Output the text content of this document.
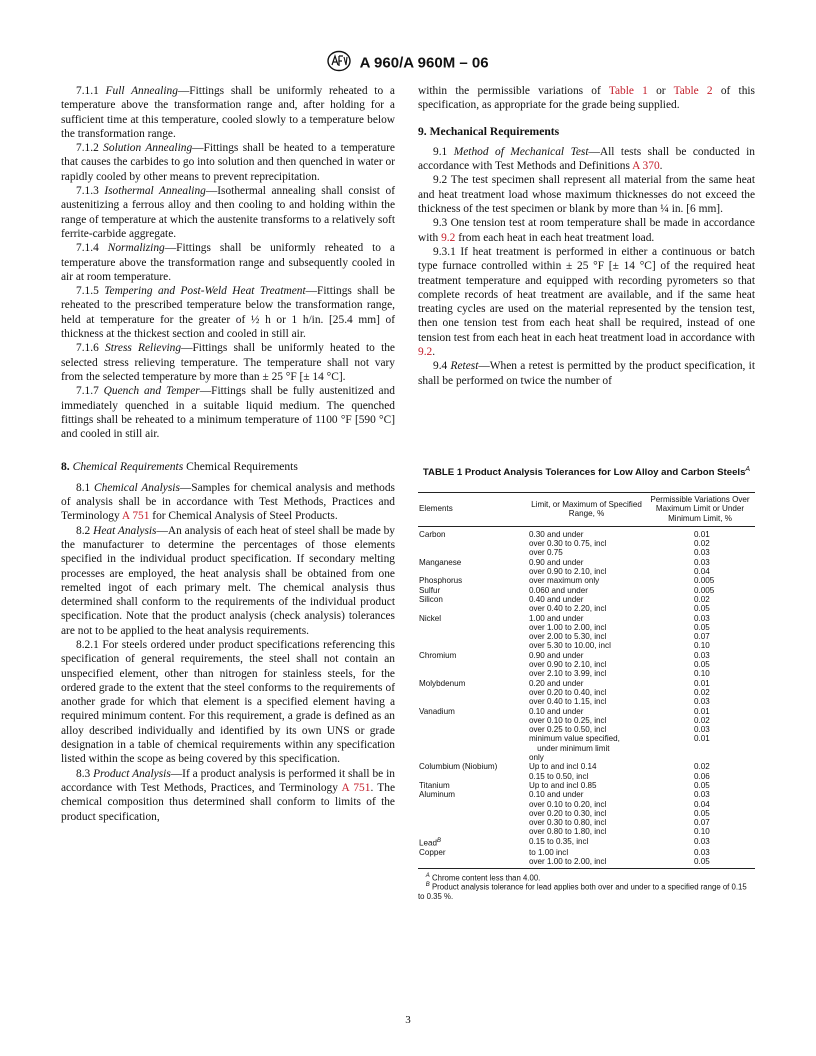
A 960/A 960M – 06

7.1.1 Full Annealing—Fittings shall be uniformly reheated to a temperature above the transformation range and, after holding for a sufficient time at this temperature, cooled slowly to a temperature below the transformation range.

7.1.2 Solution Annealing—Fittings shall be heated to a temperature that causes the carbides to go into solution and then quenched in water or rapidly cooled by other means to prevent reprecipitation.

7.1.3 Isothermal Annealing—Isothermal annealing shall consist of austenitizing a ferrous alloy and then cooling to and holding within the range of temperature at which the austenite transforms to a relatively soft ferrite-carbide aggregate.

7.1.4 Normalizing—Fittings shall be uniformly reheated to a temperature above the transformation range and subsequently cooled in air at room temperature.

7.1.5 Tempering and Post-Weld Heat Treatment—Fittings shall be reheated to the prescribed temperature below the transformation range, held at temperature for the greater of ½ h or 1 h/in. [25.4 mm] of thickness at the thickest section and cooled in still air.

7.1.6 Stress Relieving—Fittings shall be uniformly heated to the selected stress relieving temperature. The temperature shall not vary from the selected temperature by more than ± 25 °F [± 14 °C].

7.1.7 Quench and Temper—Fittings shall be fully austenitized and immediately quenched in a suitable liquid medium. The quenched fittings shall be reheated to a minimum temperature of 1100 °F [590 °C] and cooled in still air.

8. Chemical Requirements Chemical Requirements

8.1 Chemical Analysis—Samples for chemical analysis and methods of analysis shall be in accordance with Test Methods, Practices and Terminology A 751 for Chemical Analysis of Steel Products.

8.2 Heat Analysis—An analysis of each heat of steel shall be made by the manufacturer to determine the percentages of those elements specified in the individual product specification. If secondary melting processes are employed, the heat analysis shall be obtained from one remelted ingot of each primary melt. The chemical analysis thus determined shall conform to the requirements of the individual product specification. Note that the product analysis (check analysis) tolerances are not to be applied to the heat analysis requirements.

8.2.1 For steels ordered under product specifications referencing this specification of general requirements, the steel shall not contain an unspecified element, other than nitrogen for stainless steels, for the ordered grade to the extent that the steel conforms to the requirements of another grade for which that element is a specified element having a required minimum content. For this requirement, a grade is defined as an alloy described individually and identified by its own UNS or grade designation in a table of chemical requirements within any specification listed within the scope as being covered by this specification.

8.3 Product Analysis—If a product analysis is performed it shall be in accordance with Test Methods, Practices, and Terminology A 751. The chemical composition thus determined shall conform to limits of the product specification,

within the permissible variations of Table 1 or Table 2 of this specification, as appropriate for the grade being supplied.

9. Mechanical Requirements

9.1 Method of Mechanical Test—All tests shall be conducted in accordance with Test Methods and Definitions A 370.

9.2 The test specimen shall represent all material from the same heat and heat treatment load whose maximum thicknesses do not exceed the thickness of the test specimen or blank by more than ¼ in. [6 mm].

9.3 One tension test at room temperature shall be made in accordance with 9.2 from each heat in each heat treatment load.

9.3.1 If heat treatment is performed in either a continuous or batch type furnace controlled within ± 25 °F [± 14 °C] of the required heat treatment temperature and equipped with recording pyrometers so that complete records of heat treatment are available, and if the same heat treating cycles are used on the material represented by the tension test, then one tension test from each heat shall be required, instead of one tension test from each heat in each heat treatment load in accordance with 9.2.

9.4 Retest—When a retest is permitted by the product specification, it shall be performed on twice the number of

TABLE 1 Product Analysis Tolerances for Low Alloy and Carbon Steels$^A$
Elements	Limit, or Maximum of Specified Range, %	Permissible Variations Over Maximum Limit or Under Minimum Limit, %
Carbon	0.30 and under	0.01
	over 0.30 to 0.75, incl	0.02
	over 0.75	0.03
Manganese	0.90 and under	0.03
	over 0.90 to 2.10, incl	0.04
Phosphorus	over maximum only	0.005
Sulfur	0.060 and under	0.005
Silicon	0.40 and under	0.02
	over 0.40 to 2.20, incl	0.05
Nickel	1.00 and under	0.03
	over 1.00 to 2.00, incl	0.05
	over 2.00 to 5.30, incl	0.07
	over 5.30 to 10.00, incl	0.10
Chromium	0.90 and under	0.03
	over 0.90 to 2.10, incl	0.05
	over 2.10 to 3.99, incl	0.10
Molybdenum	0.20 and under	0.01
	over 0.20 to 0.40, incl	0.02
	over 0.40 to 1.15, incl	0.03
Vanadium	0.10 and under	0.01
	over 0.10 to 0.25, incl	0.02
	over 0.25 to 0.50, incl	0.03
	minimum value specified,	0.01
	 under minimum limit	
	only	
Columbium (Niobium)	Up to and incl 0.14	0.02
	0.15 to 0.50, incl	0.06
Titanium	Up to and incl 0.85	0.05
Aluminum	0.10 and under	0.03
	over 0.10 to 0.20, incl	0.04
	over 0.20 to 0.30, incl	0.05
	over 0.30 to 0.80, incl	0.07
	over 0.80 to 1.80, incl	0.10
Lead$^B$	0.15 to 0.35, incl	0.03
Copper	to 1.00 incl	0.03
	over 1.00 to 2.00, incl	0.05
 $^A$ Chrome content less than 4.00.
 $^B$ Product analysis tolerance for lead applies both over and under to a specified range of 0.15 to 0.35 %.
3
